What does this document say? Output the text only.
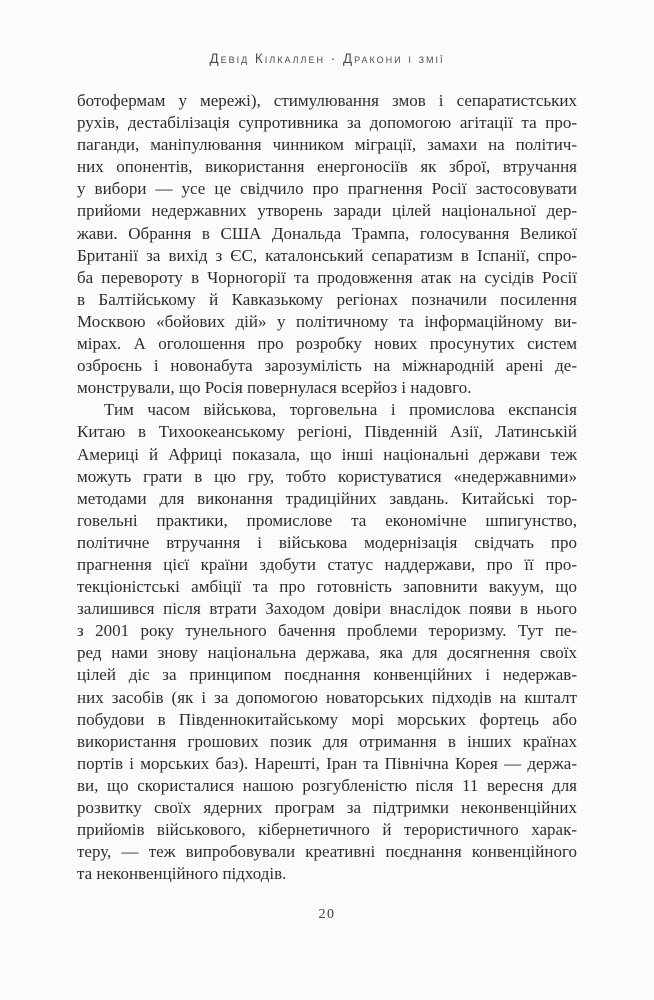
Девід Кілкаллен · Дракони і змії
ботофермам у мережі), стимулювання змов і сепаратистських
рухів, дестабілізація супротивника за допомогою агітації та про-
паганди, маніпулювання чинником міграції, замахи на політич-
них опонентів, використання енергоносіїв як зброї, втручання
у вибори — усе це свідчило про прагнення Росії застосовувати
прийоми недержавних утворень заради цілей національної дер-
жави. Обрання в США Дональда Трампа, голосування Великої
Британії за вихід з ЄС, каталонський сепаратизм в Іспанії, спро-
ба перевороту в Чорногорії та продовження атак на сусідів Росії
в Балтійському й Кавказькому регіонах позначили посилення
Москвою «бойових дій» у політичному та інформаційному ви-
мірах. А оголошення про розробку нових просунутих систем
озброєнь і новонабута зарозумілість на міжнародній арені де-
монстрували, що Росія повернулася всерйоз і надовго.
Тим часом військова, торговельна і промислова експансія
Китаю в Тихоокеанському регіоні, Південній Азії, Латинській
Америці й Африці показала, що інші національні держави теж
можуть грати в цю гру, тобто користуватися «недержавними»
методами для виконання традиційних завдань. Китайські тор-
говельні практики, промислове та економічне шпигунство,
політичне втручання і військова модернізація свідчать про
прагнення цієї країни здобути статус наддержави, про її про-
текціоністські амбіції та про готовність заповнити вакуум, що
залишився після втрати Заходом довіри внаслідок появи в нього
з 2001 року тунельного бачення проблеми тероризму. Тут пе-
ред нами знову національна держава, яка для досягнення своїх
цілей діє за принципом поєднання конвенційних і недержав-
них засобів (як і за допомогою новаторських підходів на кшталт
побудови в Південнокитайському морі морських фортець або
використання грошових позик для отримання в інших країнах
портів і морських баз). Нарешті, Іран та Північна Корея — держа-
ви, що скористалися нашою розгубленістю після 11 вересня для
розвитку своїх ядерних програм за підтримки неконвенційних
прийомів військового, кібернетичного й терористичного харак-
теру, — теж випробовували креативні поєднання конвенційного
та неконвенційного підходів.
20
